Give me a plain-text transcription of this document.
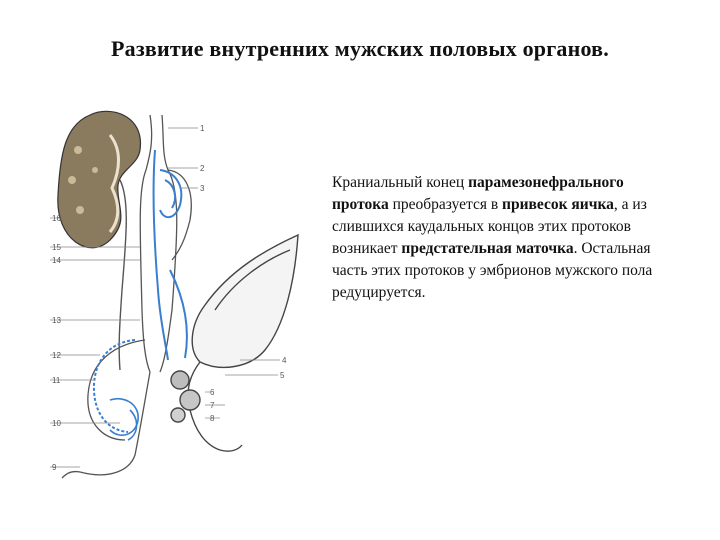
Развитие внутренних мужских половых органов.
1
2
3
4
5
6
7
8
9
10
11
12
13
14
15
16
Краниальный конец парамезонефрального протока преобразуется в привесок яичка, а из слившихся каудальных концов этих протоков возникает предстательная маточка. Остальная часть этих протоков у эмбрионов мужского пола редуцируется.
